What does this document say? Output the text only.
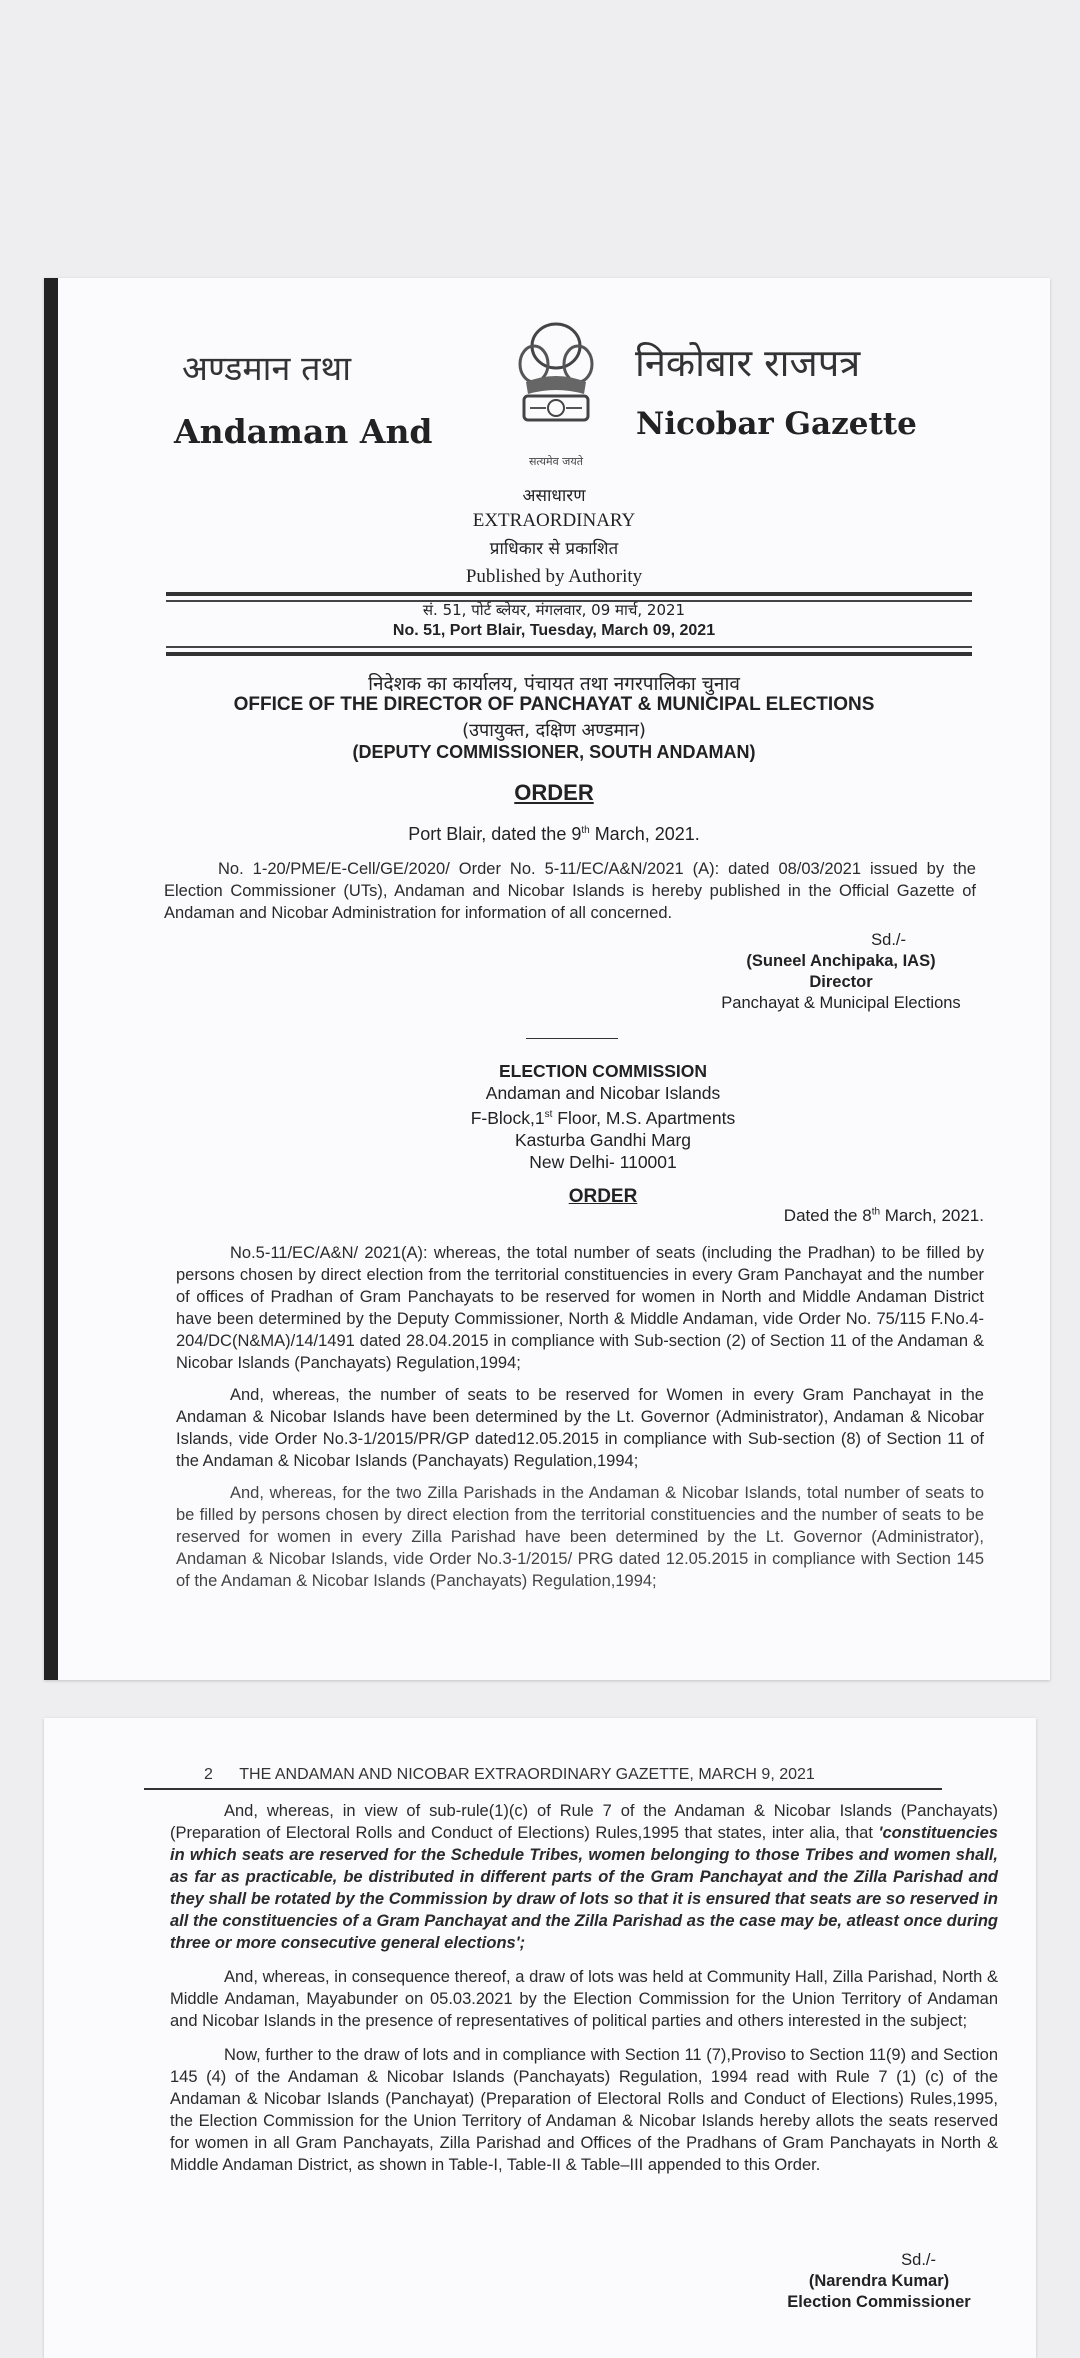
अण्डमान तथा	निकोबार राजपत्र
Andaman And	Nicobar Gazette
सत्यमेव जयते
असाधारण
EXTRAORDINARY
प्राधिकार से प्रकाशित
Published by Authority
सं. 51, पोर्ट ब्लेयर, मंगलवार, 09 मार्च, 2021
No. 51, Port Blair, Tuesday, March 09, 2021
निदेशक का कार्यालय, पंचायत तथा नगरपालिका चुनाव
OFFICE OF THE DIRECTOR OF PANCHAYAT & MUNICIPAL ELECTIONS
(उपायुक्त, दक्षिण अण्डमान)
(DEPUTY COMMISSIONER, SOUTH ANDAMAN)
ORDER
Port Blair, dated the 9th March, 2021.

No. 1-20/PME/E-Cell/GE/2020/ Order No. 5-11/EC/A&N/2021 (A): dated 08/03/2021 issued by the Election Commissioner (UTs), Andaman and Nicobar Islands is hereby published in the Official Gazette of Andaman and Nicobar Administration for information of all concerned.

Sd./-
(Suneel Anchipaka, IAS)
Director
Panchayat & Municipal Elections
ELECTION COMMISSION
Andaman and Nicobar Islands
F-Block,1st Floor, M.S. Apartments
Kasturba Gandhi Marg
New Delhi- 110001
ORDER
Dated the 8th March, 2021.

No.5-11/EC/A&N/ 2021(A): whereas, the total number of seats (including the Pradhan) to be filled by persons chosen by direct election from the territorial constituencies in every Gram Panchayat and the number of offices of Pradhan of Gram Panchayats to be reserved for women in North and Middle Andaman District have been determined by the Deputy Commissioner, North & Middle Andaman, vide Order No. 75/115 F.No.4-204/DC(N&MA)/14/1491 dated 28.04.2015 in compliance with Sub-section (2) of Section 11 of the Andaman & Nicobar Islands (Panchayats) Regulation,1994;

And, whereas, the number of seats to be reserved for Women in every Gram Panchayat in the Andaman & Nicobar Islands have been determined by the Lt. Governor (Administrator), Andaman & Nicobar Islands, vide Order No.3-1/2015/PR/GP dated12.05.2015 in compliance with Sub-section (8) of Section 11 of the Andaman & Nicobar Islands (Panchayats) Regulation,1994;

And, whereas, for the two Zilla Parishads in the Andaman & Nicobar Islands, total number of seats to be filled by persons chosen by direct election from the territorial constituencies and the number of seats to be reserved for women in every Zilla Parishad have been determined by the Lt. Governor (Administrator), Andaman & Nicobar Islands, vide Order No.3-1/2015/ PRG dated 12.05.2015 in compliance with Section 145 of the Andaman & Nicobar Islands (Panchayats) Regulation,1994;

2      THE ANDAMAN AND NICOBAR EXTRAORDINARY GAZETTE, MARCH 9, 2021

And, whereas, in view of sub-rule(1)(c) of Rule 7 of the Andaman & Nicobar Islands (Panchayats) (Preparation of Electoral Rolls and Conduct of Elections) Rules,1995 that states, inter alia, that 'constituencies in which seats are reserved for the Schedule Tribes, women belonging to those Tribes and women shall, as far as practicable, be distributed in different parts of the Gram Panchayat and the Zilla Parishad and they shall be rotated by the Commission by draw of lots so that it is ensured that seats are so reserved in all the constituencies of a Gram Panchayat and the Zilla Parishad as the case may be, atleast once during three or more consecutive general elections';

And, whereas, in consequence thereof, a draw of lots was held at Community Hall, Zilla Parishad, North & Middle Andaman, Mayabunder on 05.03.2021 by the Election Commission for the Union Territory of Andaman and Nicobar Islands in the presence of representatives of political parties and others interested in the subject;

Now, further to the draw of lots and in compliance with Section 11 (7),Proviso to Section 11(9) and Section 145 (4) of the Andaman & Nicobar Islands (Panchayats) Regulation, 1994 read with Rule 7 (1) (c) of the Andaman & Nicobar Islands (Panchayat) (Preparation of Electoral Rolls and Conduct of Elections) Rules,1995, the Election Commission for the Union Territory of Andaman & Nicobar Islands hereby allots the seats reserved for women in all Gram Panchayats, Zilla Parishad and Offices of the Pradhans of Gram Panchayats in North & Middle Andaman District, as shown in Table-I, Table-II & Table–III appended to this Order.

Sd./-
(Narendra Kumar)
Election Commissioner
